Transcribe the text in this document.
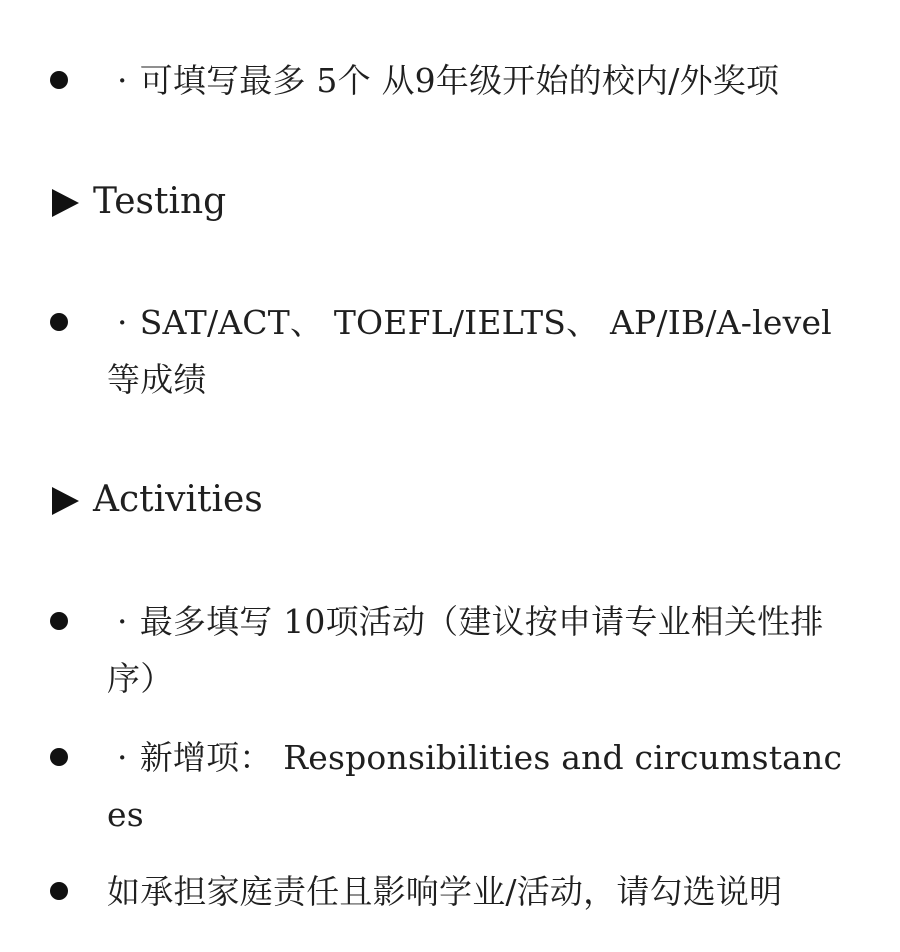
· 可填写最多 5个 从9年级开始的校内/外奖项
Testing
· SAT/ACT、 TOEFL/IELTS、 AP/IB/A-level 等成绩
Activities
· 最多填写 10项活动（建议按申请专业相关性排序）
· 新增项： Responsibilities and circumstances
如承担家庭责任且影响学业/活动，请勾选说明
